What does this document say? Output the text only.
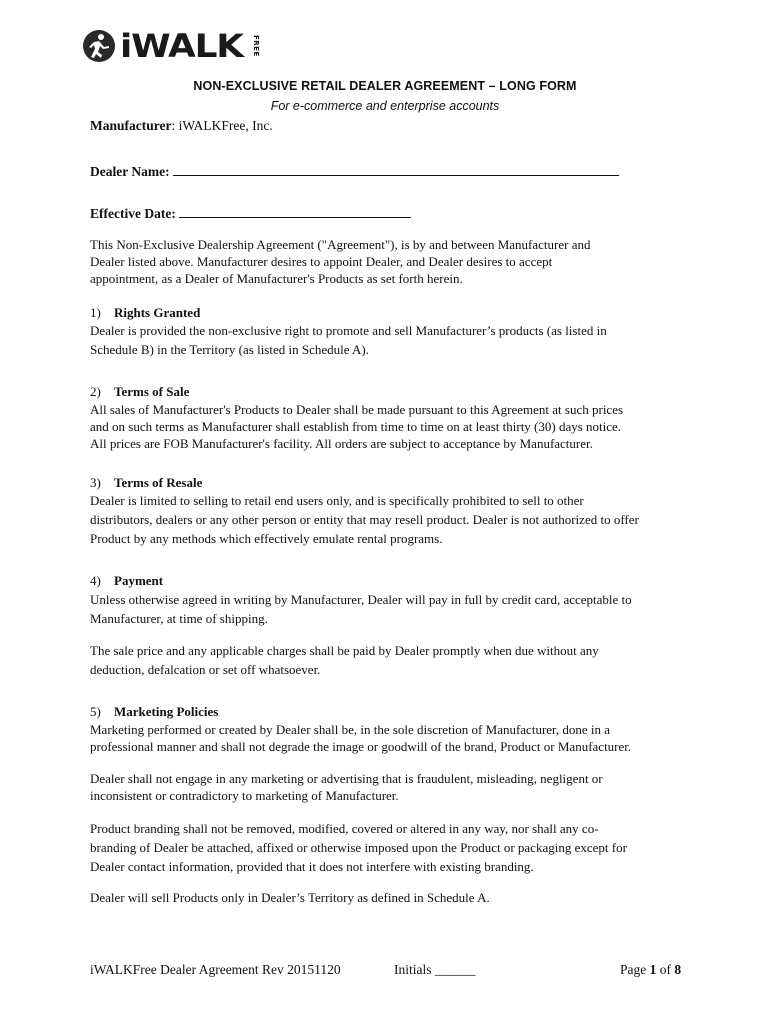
iWALK FREE
NON-EXCLUSIVE RETAIL DEALER AGREEMENT – LONG FORM
For e-commerce and enterprise accounts
Manufacturer: iWALKFree, Inc.
Dealer Name:
Effective Date:
This Non-Exclusive Dealership Agreement ("Agreement"), is by and between Manufacturer and
Dealer listed above. Manufacturer desires to appoint Dealer, and Dealer desires to accept
appointment, as a Dealer of Manufacturer's Products as set forth herein.
1) Rights Granted
Dealer is provided the non-exclusive right to promote and sell Manufacturer’s products (as listed in
Schedule B) in the Territory (as listed in Schedule A).
2) Terms of Sale
All sales of Manufacturer's Products to Dealer shall be made pursuant to this Agreement at such prices
and on such terms as Manufacturer shall establish from time to time on at least thirty (30) days notice.
All prices are FOB Manufacturer's facility. All orders are subject to acceptance by Manufacturer.
3) Terms of Resale
Dealer is limited to selling to retail end users only, and is specifically prohibited to sell to other
distributors, dealers or any other person or entity that may resell product. Dealer is not authorized to offer
Product by any methods which effectively emulate rental programs.
4) Payment
Unless otherwise agreed in writing by Manufacturer, Dealer will pay in full by credit card, acceptable to
Manufacturer, at time of shipping.
The sale price and any applicable charges shall be paid by Dealer promptly when due without any
deduction, defalcation or set off whatsoever.
5) Marketing Policies
Marketing performed or created by Dealer shall be, in the sole discretion of Manufacturer, done in a
professional manner and shall not degrade the image or goodwill of the brand, Product or Manufacturer.
Dealer shall not engage in any marketing or advertising that is fraudulent, misleading, negligent or
inconsistent or contradictory to marketing of Manufacturer.
Product branding shall not be removed, modified, covered or altered in any way, nor shall any co-
branding of Dealer be attached, affixed or otherwise imposed upon the Product or packaging except for
Dealer contact information, provided that it does not interfere with existing branding.
Dealer will sell Products only in Dealer’s Territory as defined in Schedule A.
iWALKFree Dealer Agreement Rev 20151120	Initials ______	Page 1 of 8
